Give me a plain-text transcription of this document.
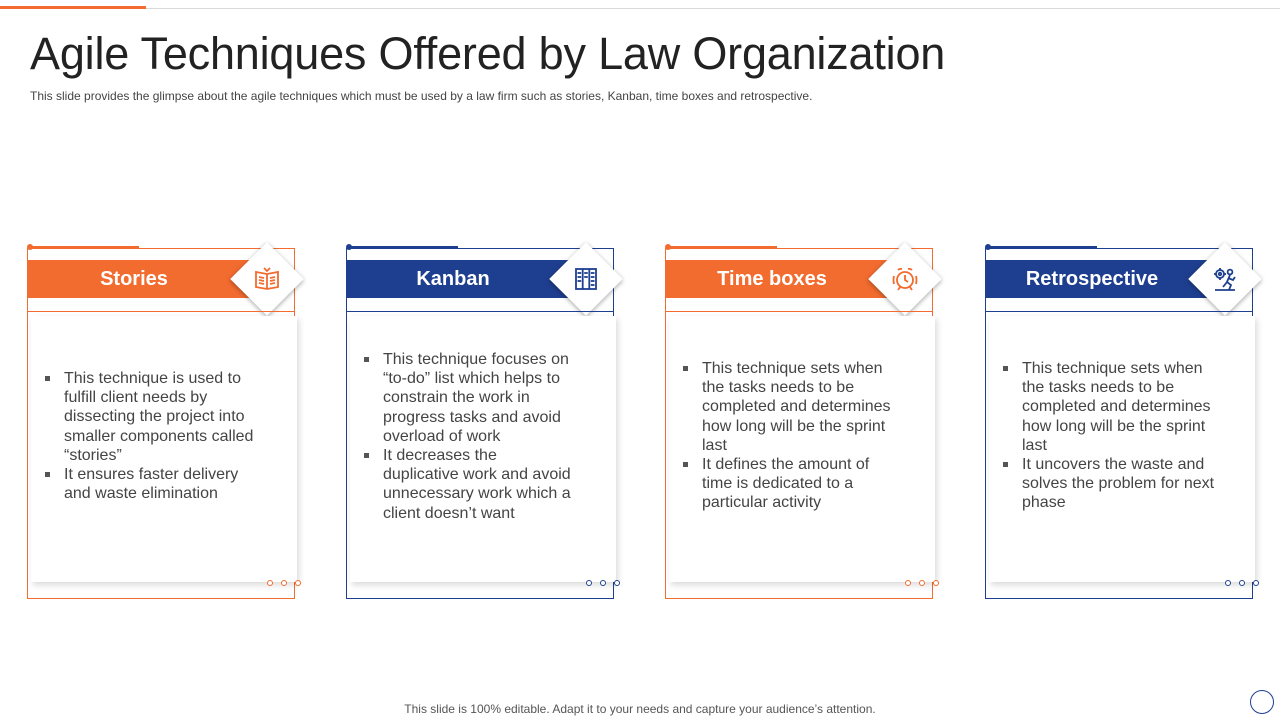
Agile Techniques Offered by Law Organization

This slide provides the glimpse about the agile techniques which must be used by a law firm such as stories, Kanban, time boxes and retrospective.

Stories
This technique is used to fulfill client needs by dissecting the project into smaller components called “stories”
It ensures faster delivery and waste elimination
Kanban
This technique focuses on “to-do” list which helps to constrain the work in progress tasks and avoid overload of work
It decreases the duplicative work and avoid unnecessary work which a client doesn’t want
Time boxes
This technique sets when the tasks needs to be completed and determines how long will be the sprint last
It defines the amount of time is dedicated to a particular activity
Retrospective
This technique sets when the tasks needs to be completed and determines how long will be the sprint last
It uncovers the waste and solves the problem for next phase
This slide is 100% editable. Adapt it to your needs and capture your audience’s attention.
